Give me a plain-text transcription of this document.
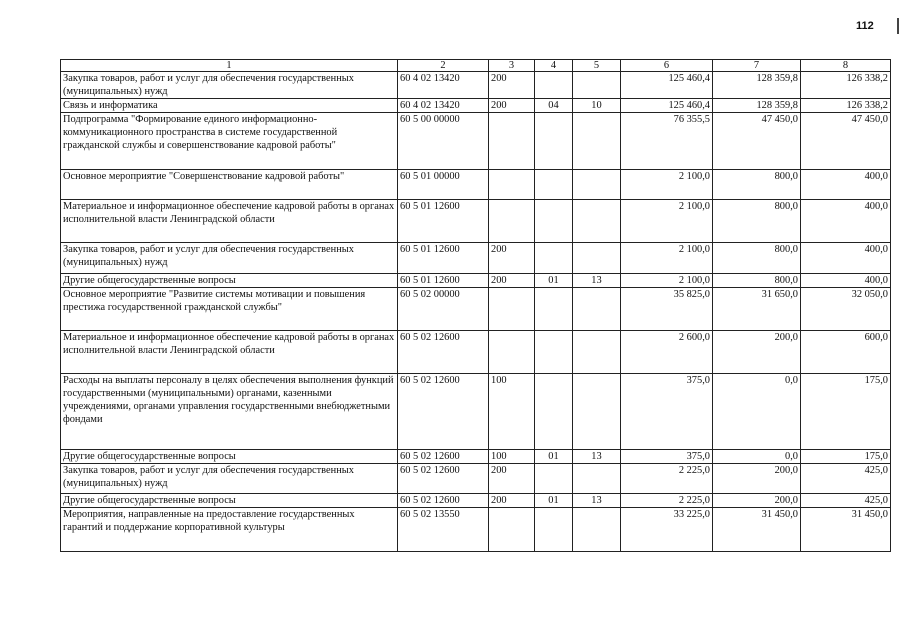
112
1	2	3	4	5	6	7	8
Закупка товаров, работ и услуг для обеспечения государственных (муниципальных) нужд	60 4 02 13420	200			125 460,4	128 359,8	126 338,2
Связь и информатика	60 4 02 13420	200	04	10	125 460,4	128 359,8	126 338,2
Подпрограмма "Формирование единого информационно-коммуникационного пространства в системе государственной гражданской службы и совершенствование кадровой работы"	60 5 00 00000				76 355,5	47 450,0	47 450,0
Основное мероприятие "Совершенствование кадровой работы"	60 5 01 00000				2 100,0	800,0	400,0
Материальное и информационное обеспечение кадровой работы в органах исполнительной власти Ленинградской области	60 5 01 12600				2 100,0	800,0	400,0
Закупка товаров, работ и услуг для обеспечения государственных (муниципальных) нужд	60 5 01 12600	200			2 100,0	800,0	400,0
Другие общегосударственные вопросы	60 5 01 12600	200	01	13	2 100,0	800,0	400,0
Основное мероприятие "Развитие системы мотивации и повышения престижа государственной гражданской службы"	60 5 02 00000				35 825,0	31 650,0	32 050,0
Материальное и информационное обеспечение кадровой работы в органах исполнительной власти Ленинградской области	60 5 02 12600				2 600,0	200,0	600,0
Расходы на выплаты персоналу в целях обеспечения выполнения функций государственными (муниципальными) органами, казенными учреждениями, органами управления государственными внебюджетными фондами	60 5 02 12600	100			375,0	0,0	175,0
Другие общегосударственные вопросы	60 5 02 12600	100	01	13	375,0	0,0	175,0
Закупка товаров, работ и услуг для обеспечения государственных (муниципальных) нужд	60 5 02 12600	200			2 225,0	200,0	425,0
Другие общегосударственные вопросы	60 5 02 12600	200	01	13	2 225,0	200,0	425,0
Мероприятия, направленные на предоставление государственных гарантий и поддержание корпоративной культуры	60 5 02 13550				33 225,0	31 450,0	31 450,0
